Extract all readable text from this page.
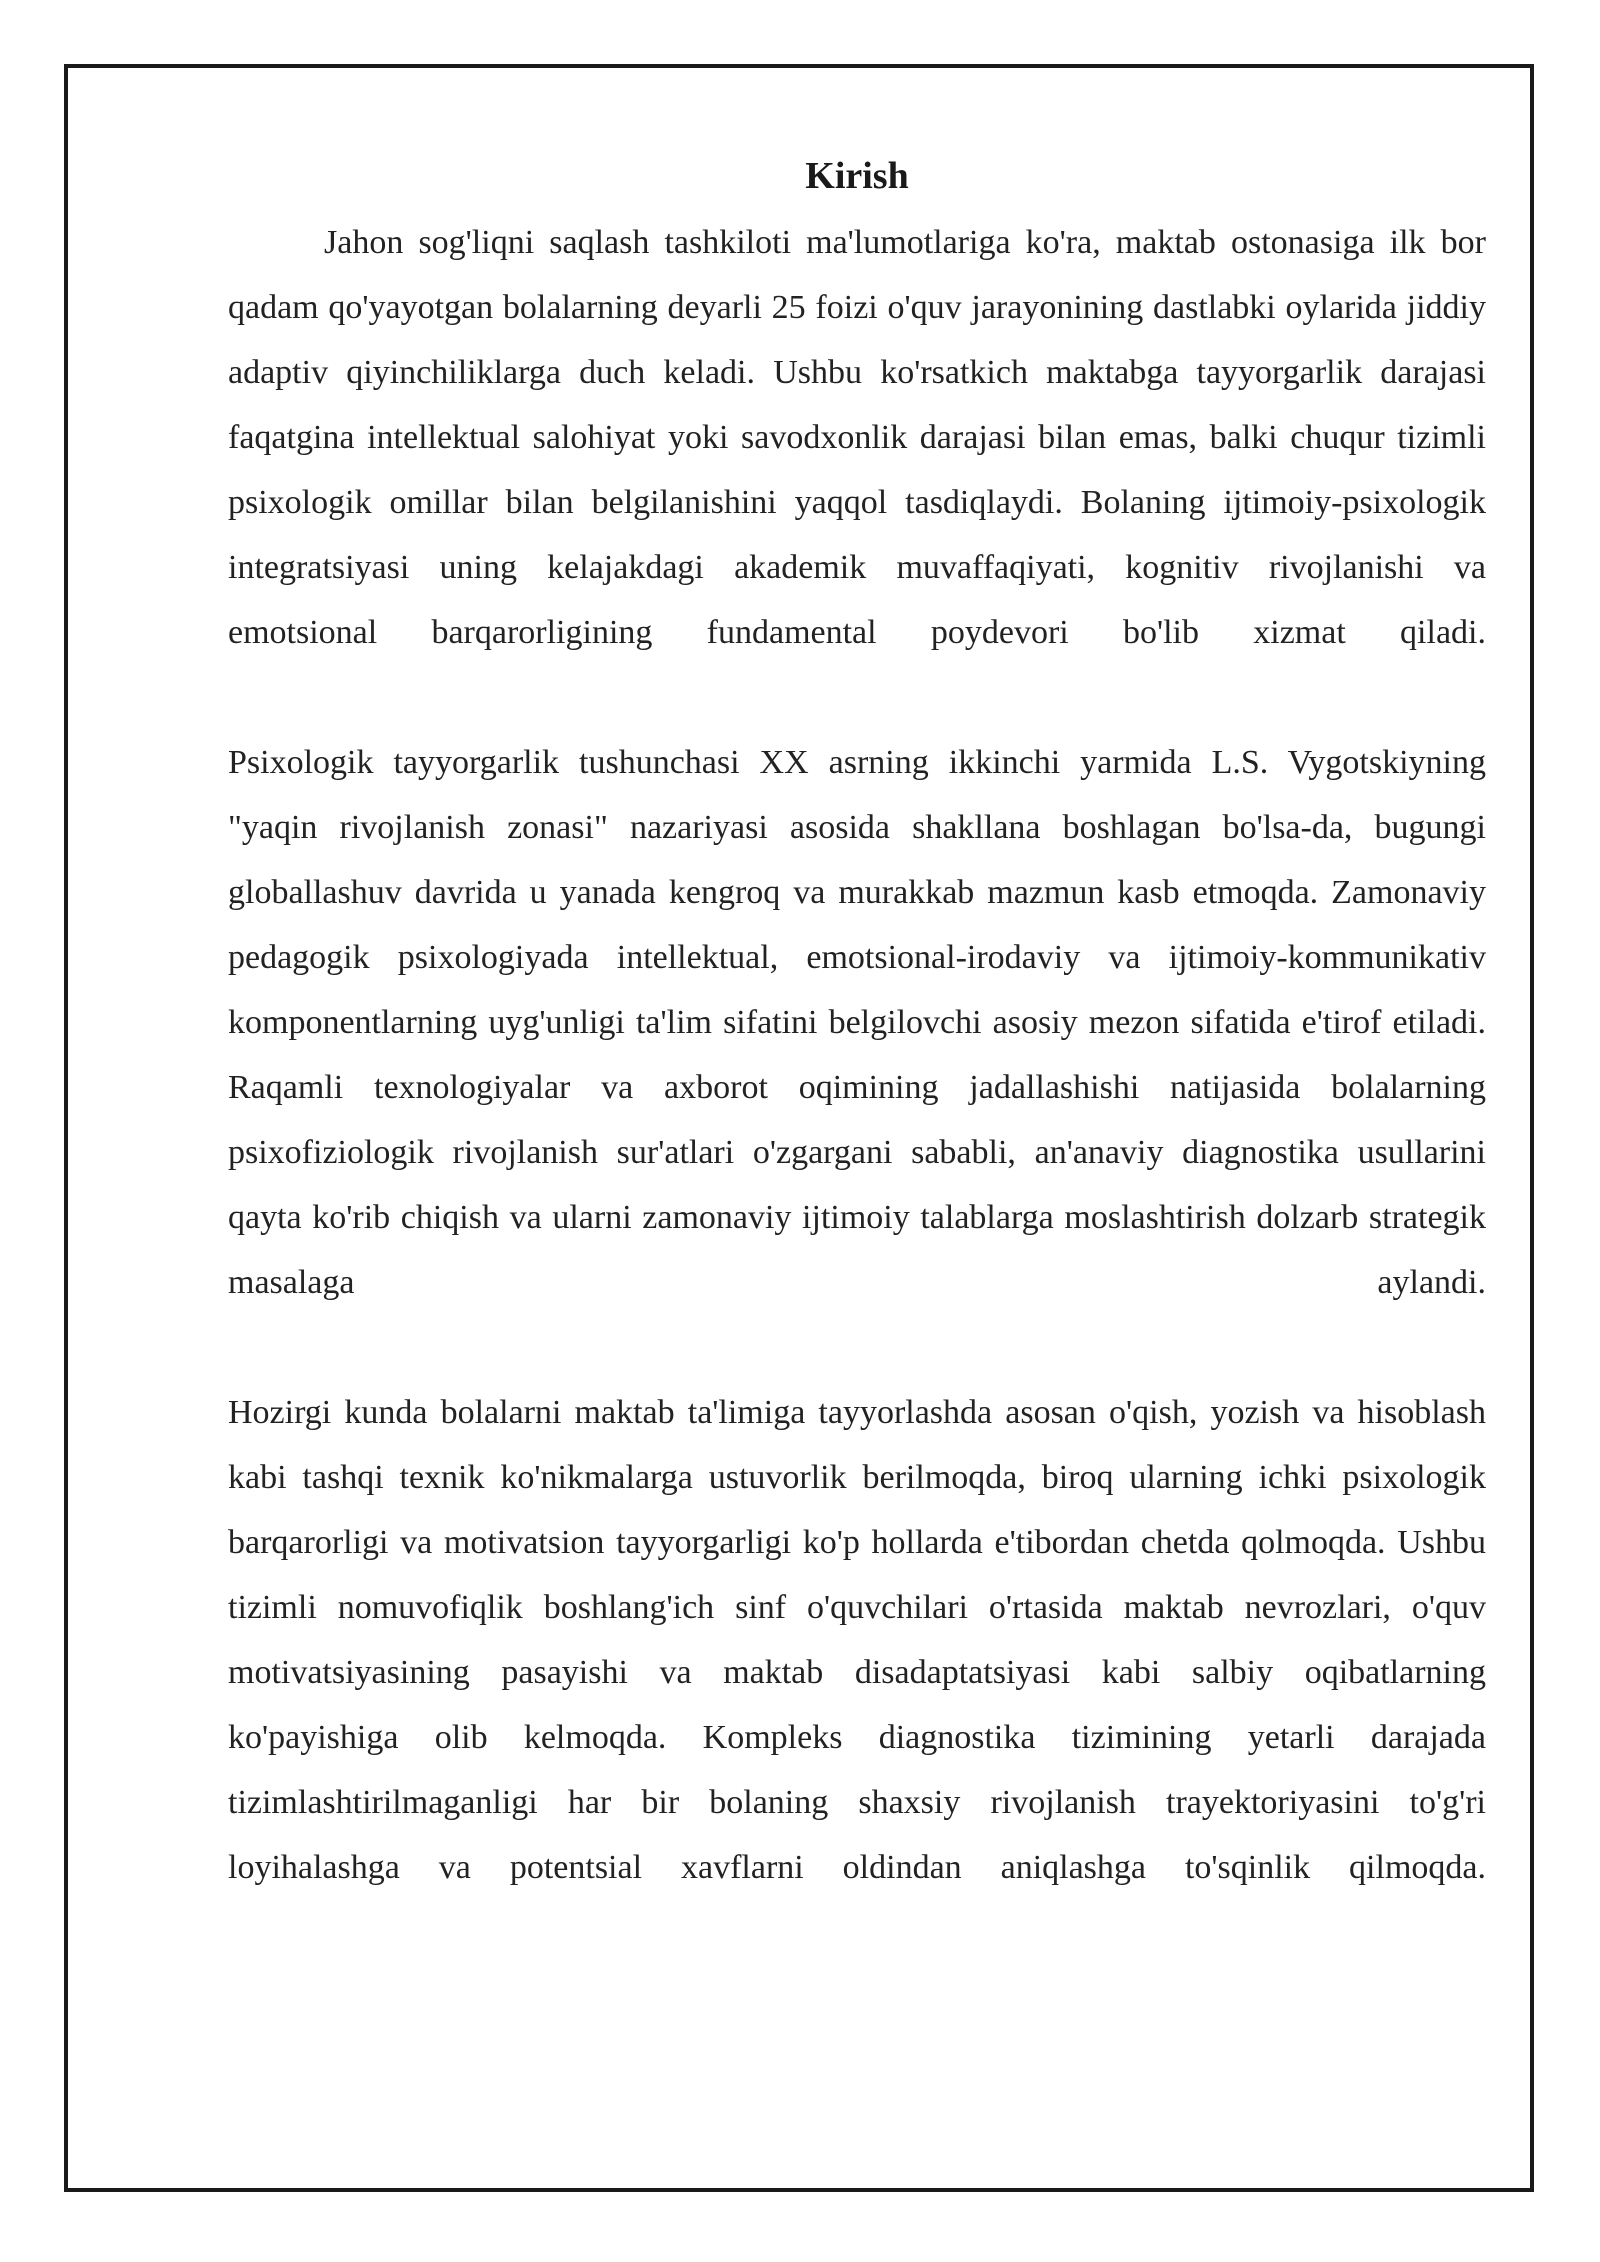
Kirish

Jahon sog'liqni saqlash tashkiloti ma'lumotlariga ko'ra, maktab ostonasiga ilk bor qadam qo'yayotgan bolalarning deyarli 25 foizi o'quv jarayonining dastlabki oylarida jiddiy adaptiv qiyinchiliklarga duch keladi. Ushbu ko'rsatkich maktabga tayyorgarlik darajasi faqatgina intellektual salohiyat yoki savodxonlik darajasi bilan emas, balki chuqur tizimli psixologik omillar bilan belgilanishini yaqqol tasdiqlaydi. Bolaning ijtimoiy-psixologik integratsiyasi uning kelajakdagi akademik muvaffaqiyati, kognitiv rivojlanishi va emotsional barqarorligining fundamental poydevori bo'lib xizmat qiladi.

Psixologik tayyorgarlik tushunchasi XX asrning ikkinchi yarmida L.S. Vygotskiyning "yaqin rivojlanish zonasi" nazariyasi asosida shakllana boshlagan bo'lsa-da, bugungi globallashuv davrida u yanada kengroq va murakkab mazmun kasb etmoqda. Zamonaviy pedagogik psixologiyada intellektual, emotsional-irodaviy va ijtimoiy-kommunikativ komponentlarning uyg'unligi ta'lim sifatini belgilovchi asosiy mezon sifatida e'tirof etiladi. Raqamli texnologiyalar va axborot oqimining jadallashishi natijasida bolalarning psixofiziologik rivojlanish sur'atlari o'zgargani sababli, an'anaviy diagnostika usullarini qayta ko'rib chiqish va ularni zamonaviy ijtimoiy talablarga moslashtirish dolzarb strategik masalaga aylandi.

Hozirgi kunda bolalarni maktab ta'limiga tayyorlashda asosan o'qish, yozish va hisoblash kabi tashqi texnik ko'nikmalarga ustuvorlik berilmoqda, biroq ularning ichki psixologik barqarorligi va motivatsion tayyorgarligi ko'p hollarda e'tibordan chetda qolmoqda. Ushbu tizimli nomuvofiqlik boshlang'ich sinf o'quvchilari o'rtasida maktab nevrozlari, o'quv motivatsiyasining pasayishi va maktab disadaptatsiyasi kabi salbiy oqibatlarning ko'payishiga olib kelmoqda. Kompleks diagnostika tizimining yetarli darajada tizimlashtirilmaganligi har bir bolaning shaxsiy rivojlanish trayektoriyasini to'g'ri loyihalashga va potentsial xavflarni oldindan aniqlashga to'sqinlik qilmoqda.
